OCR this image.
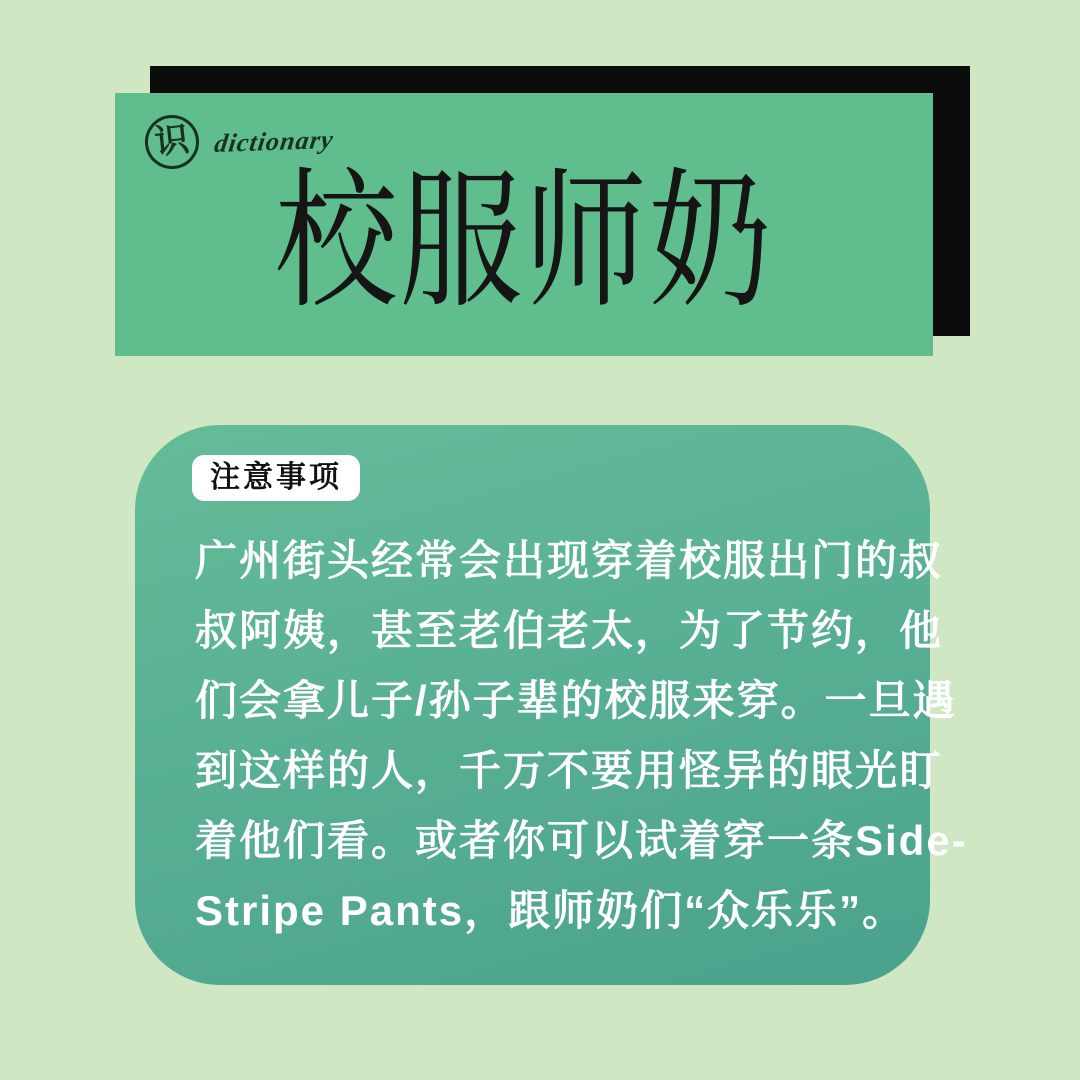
识 dictionary
校服师奶
注意事项
广州街头经常会出现穿着校服出门的叔
叔阿姨，甚至老伯老太，为了节约，他
们会拿儿子/孙子辈的校服来穿。一旦遇
到这样的人，千万不要用怪异的眼光盯
着他们看。或者你可以试着穿一条Side-
Stripe Pants，跟师奶们“众乐乐”。
